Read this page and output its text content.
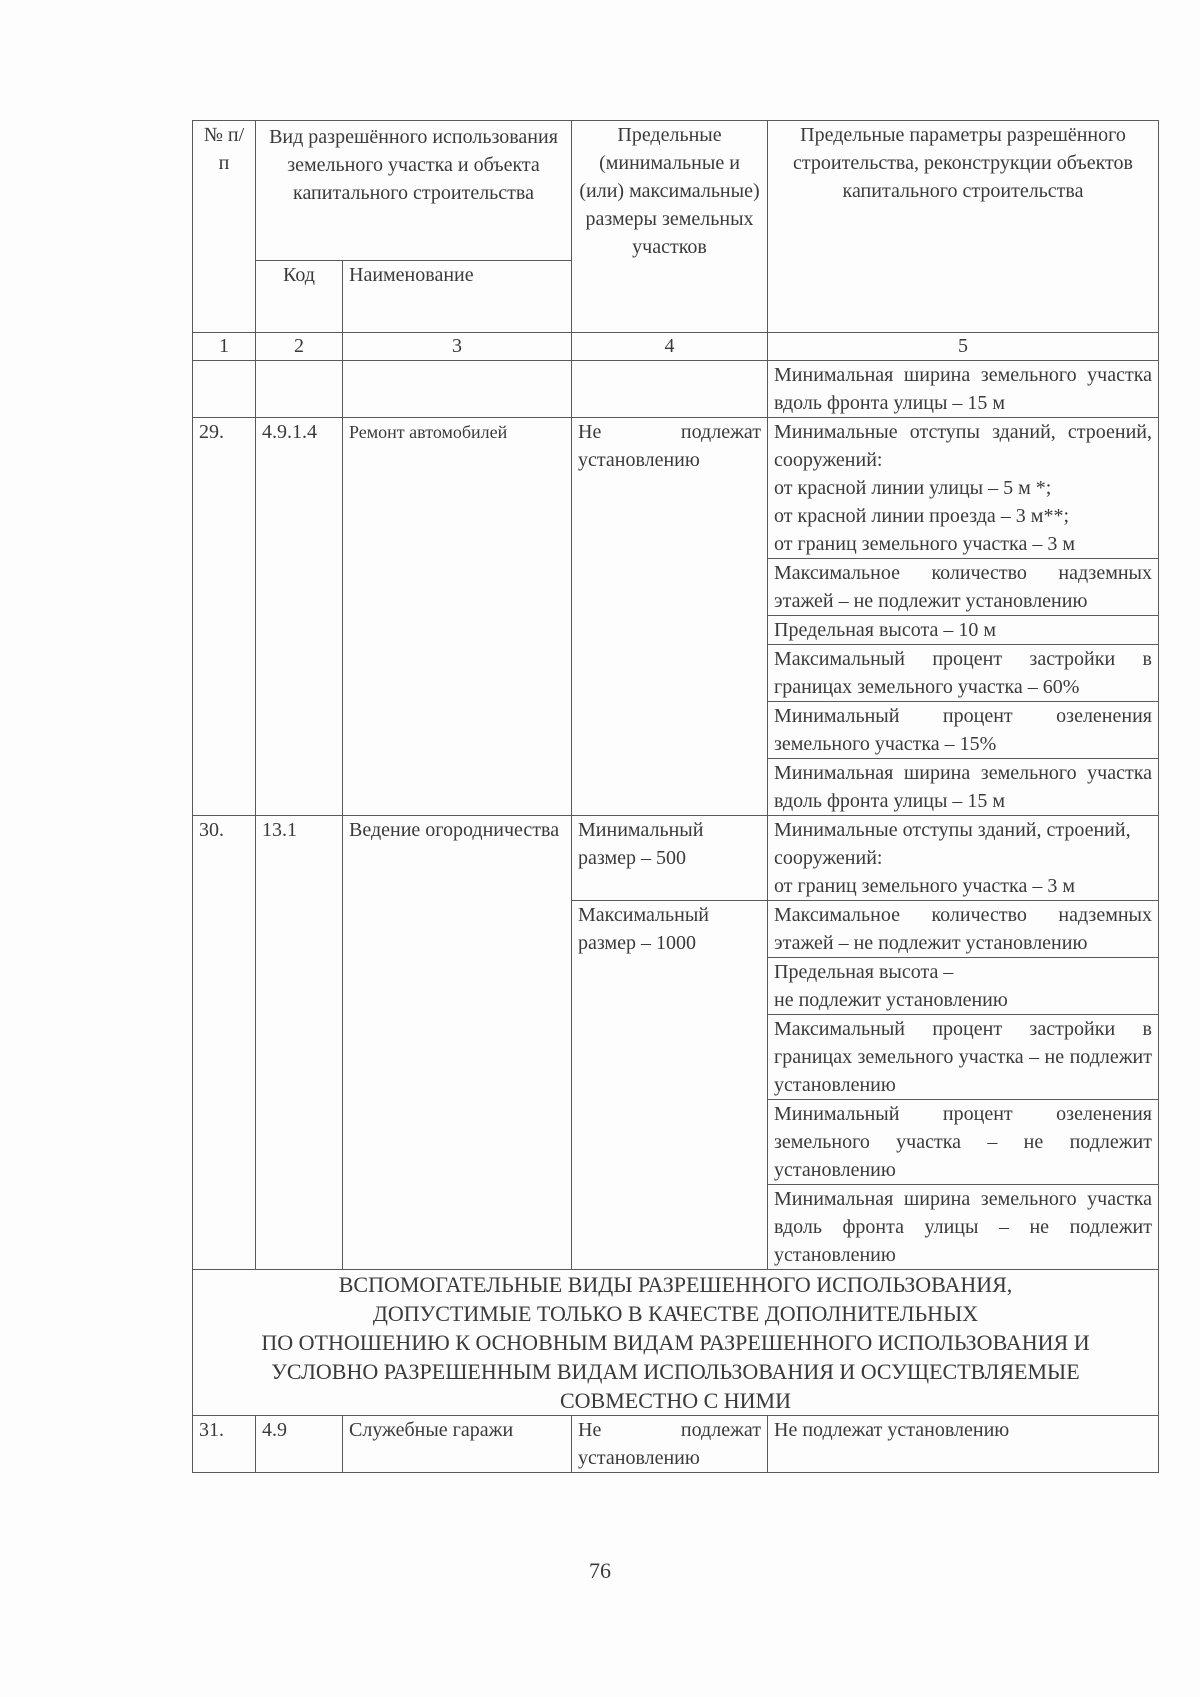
№ п/п	Вид разрешённого использования земельного участка и объекта капитального строительства		Предельные (минимальные и (или) максимальные) размеры земельных участков	Предельные параметры разрешённого строительства, реконструкции объектов капитального строительства
	Код	Наименование		
1	2	3	4	5
				Минимальная ширина земельного участка вдоль фронта улицы – 15 м
29.	4.9.1.4	Ремонт автомобилей	Не подлежат установлению	Минимальные отступы зданий, строений, сооружений:
от красной линии улицы – 5 м *;
от красной линии проезда – 3 м**;
от границ земельного участка – 3 м

				Максимальное количество надземных этажей – не подлежит установлению
				Предельная высота – 10 м
				Максимальный процент застройки в границах земельного участка – 60%
				Минимальный процент озеленения земельного участка – 15%
				Минимальная ширина земельного участка вдоль фронта улицы – 15 м
30.	13.1	Ведение огородничества	Минимальный размер – 500	Минимальные отступы зданий, строений, сооружений:
от границ земельного участка – 3 м

			Максимальный размер – 1000	Максимальное количество надземных этажей – не подлежит установлению

				Предельная высота –
не подлежит установлению

				Максимальный процент застройки в границах земельного участка – не подлежит установлению
				Минимальный процент озеленения земельного участка – не подлежит установлению
				Минимальная ширина земельного участка вдоль фронта улицы – не подлежит установлению

ВСПОМОГАТЕЛЬНЫЕ ВИДЫ РАЗРЕШЕННОГО ИСПОЛЬЗОВАНИЯ,
ДОПУСТИМЫЕ ТОЛЬКО В КАЧЕСТВЕ ДОПОЛНИТЕЛЬНЫХ
ПО ОТНОШЕНИЮ К ОСНОВНЫМ ВИДАМ РАЗРЕШЕННОГО ИСПОЛЬЗОВАНИЯ И
УСЛОВНО РАЗРЕШЕННЫМ ВИДАМ ИСПОЛЬЗОВАНИЯ И ОСУЩЕСТВЛЯЕМЫЕ
СОВМЕСТНО С НИМИ				

31.	4.9	Служебные гаражи	Не подлежат установлению	Не подлежат установлению
76
